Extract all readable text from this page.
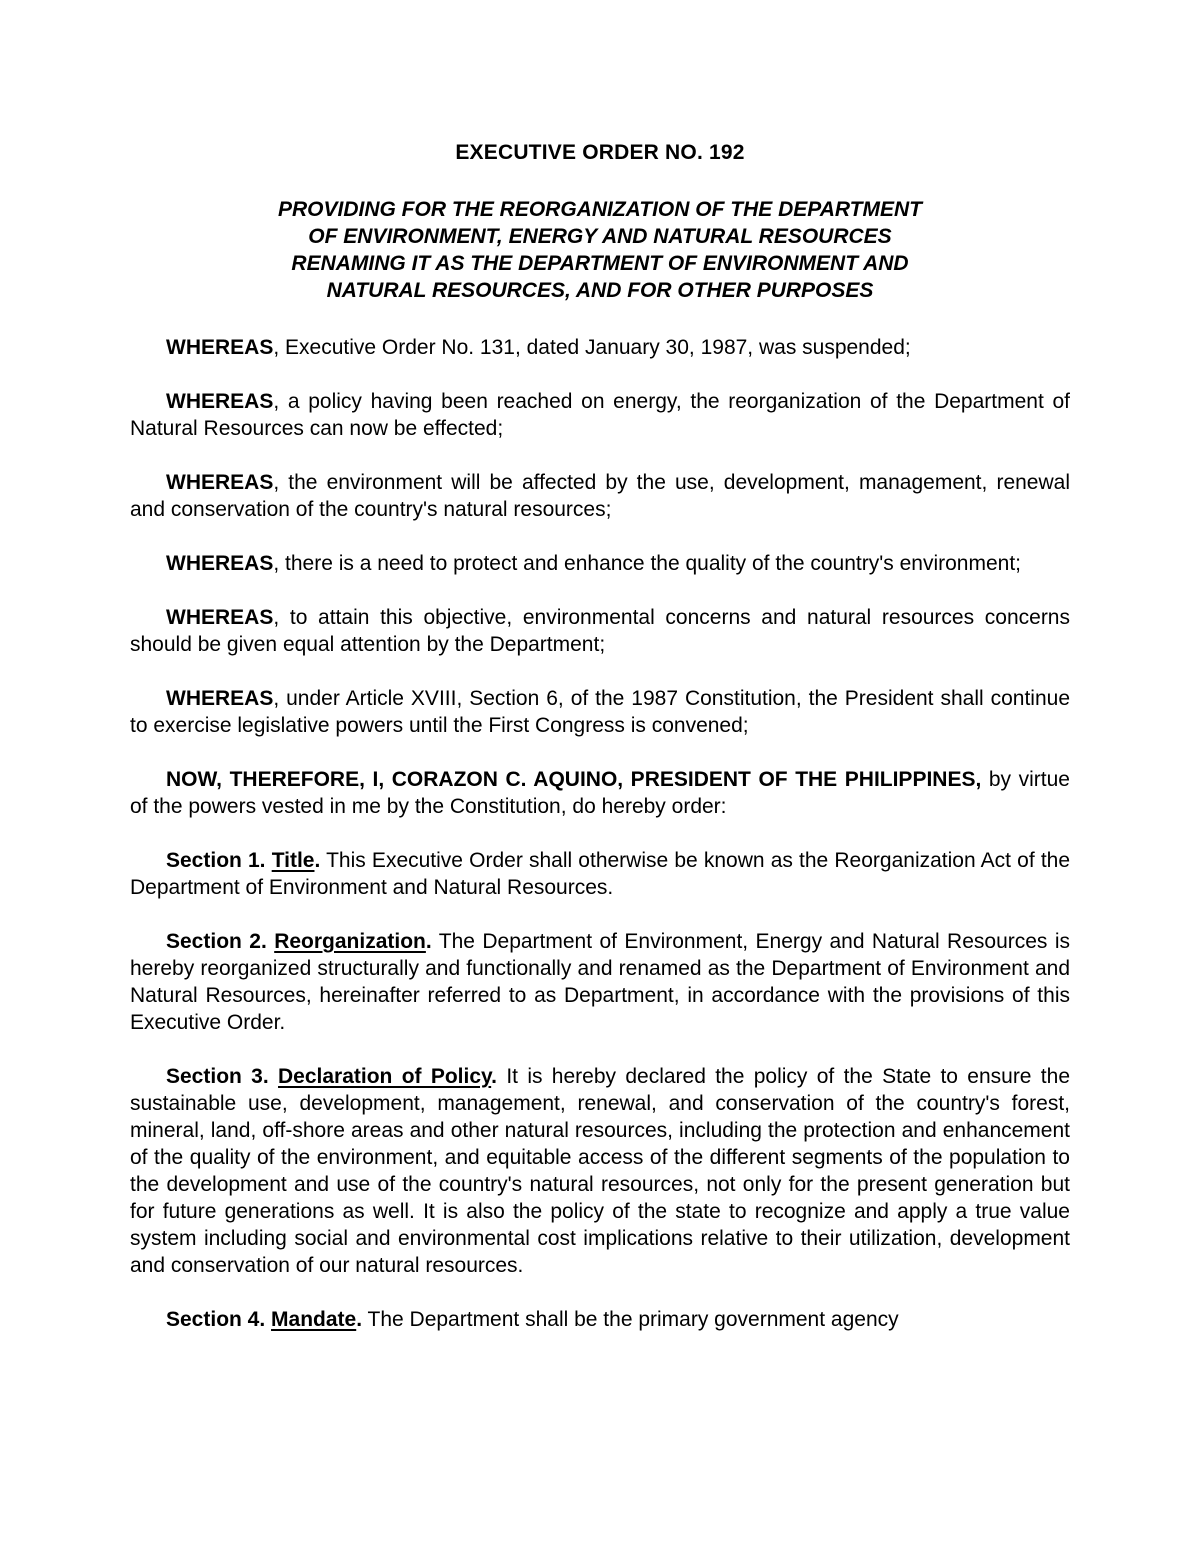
EXECUTIVE ORDER NO. 192
PROVIDING FOR THE REORGANIZATION OF THE DEPARTMENT
OF ENVIRONMENT, ENERGY AND NATURAL RESOURCES
RENAMING IT AS THE DEPARTMENT OF ENVIRONMENT AND
NATURAL RESOURCES, AND FOR OTHER PURPOSES

WHEREAS, Executive Order No. 131, dated January 30, 1987, was suspended;

WHEREAS, a policy having been reached on energy, the reorganization of the Department of Natural Resources can now be effected;

WHEREAS, the environment will be affected by the use, development, management, renewal and conservation of the country's natural resources;

WHEREAS, there is a need to protect and enhance the quality of the country's environment;

WHEREAS, to attain this objective, environmental concerns and natural resources concerns should be given equal attention by the Department;

WHEREAS, under Article XVIII, Section 6, of the 1987 Constitution, the President shall continue to exercise legislative powers until the First Congress is convened;

NOW, THEREFORE, I, CORAZON C. AQUINO, PRESIDENT OF THE PHILIPPINES, by virtue of the powers vested in me by the Constitution, do hereby order:

Section 1. Title. This Executive Order shall otherwise be known as the Reorganization Act of the Department of Environment and Natural Resources.

Section 2. Reorganization. The Department of Environment, Energy and Natural Resources is hereby reorganized structurally and functionally and renamed as the Department of Environment and Natural Resources, hereinafter referred to as Department, in accordance with the provisions of this Executive Order.

Section 3. Declaration of Policy. It is hereby declared the policy of the State to ensure the sustainable use, development, management, renewal, and conservation of the country's forest, mineral, land, off-shore areas and other natural resources, including the protection and enhancement of the quality of the environment, and equitable access of the different segments of the population to the development and use of the country's natural resources, not only for the present generation but for future generations as well. It is also the policy of the state to recognize and apply a true value system including social and environmental cost implications relative to their utilization, development and conservation of our natural resources.

Section 4. Mandate. The Department shall be the primary government agency
